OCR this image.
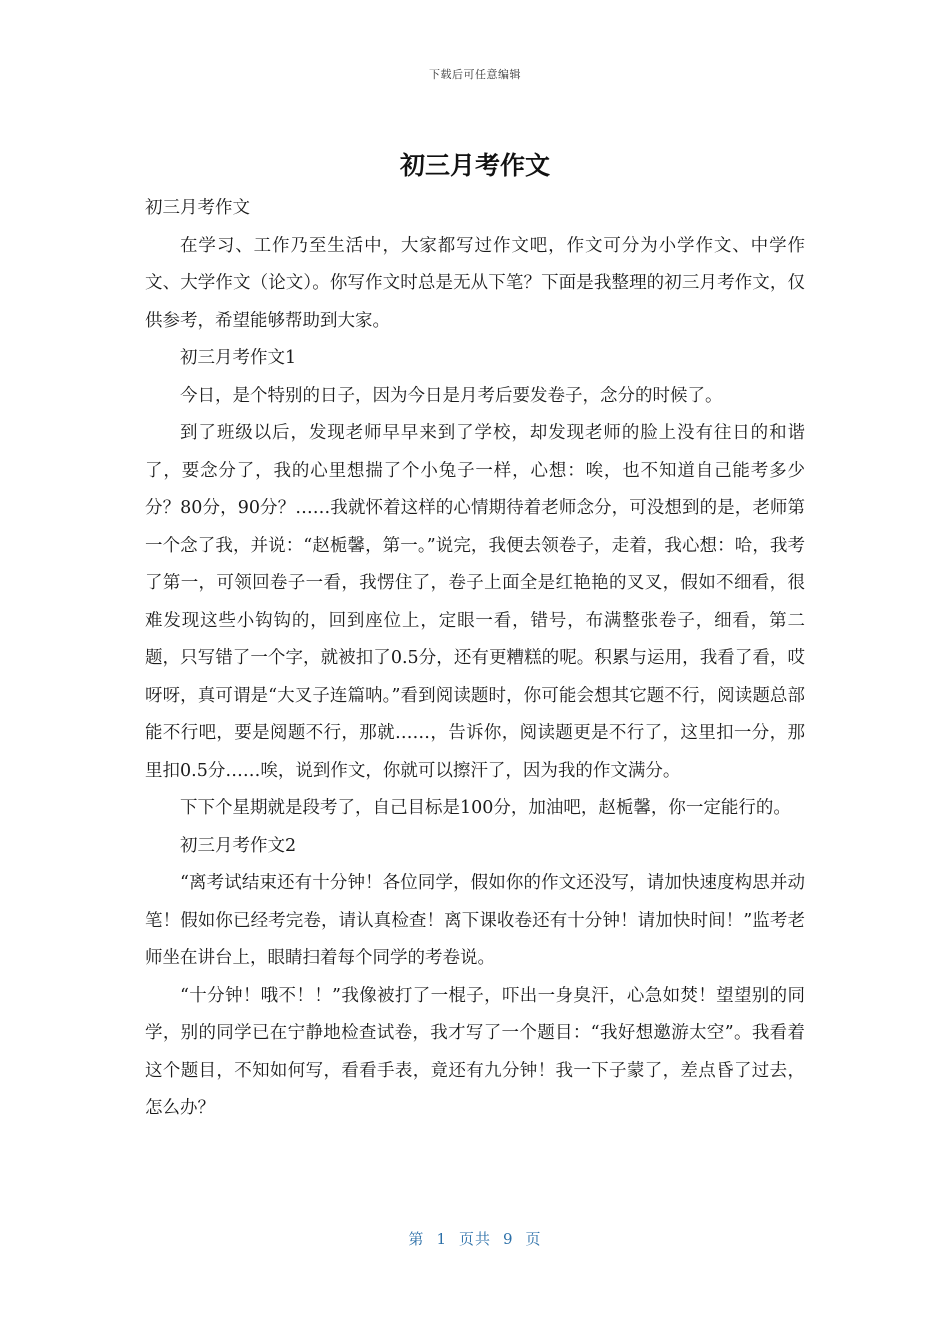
下载后可任意编辑
初三月考作文

初三月考作文

在学习、工作乃至生活中，大家都写过作文吧，作文可分为小学作文、中学作文、大学作文（论文）。你写作文时总是无从下笔？下面是我整理的初三月考作文，仅供参考，希望能够帮助到大家。

初三月考作文1

今日，是个特别的日子，因为今日是月考后要发卷子，念分的时候了。

到了班级以后，发现老师早早来到了学校，却发现老师的脸上没有往日的和谐了，要念分了，我的心里想揣了个小兔子一样，心想：唉，也不知道自己能考多少分？80分，90分？……我就怀着这样的心情期待着老师念分，可没想到的是，老师第一个念了我，并说：“赵栀馨，第一。”说完，我便去领卷子，走着，我心想：哈，我考了第一，可领回卷子一看，我愣住了，卷子上面全是红艳艳的叉叉，假如不细看，很难发现这些小钩钩的，回到座位上，定眼一看，错号，布满整张卷子，细看，第二题，只写错了一个字，就被扣了0.5分，还有更糟糕的呢。积累与运用，我看了看，哎呀呀，真可谓是“大叉子连篇呐。”看到阅读题时，你可能会想其它题不行，阅读题总部能不行吧，要是阅题不行，那就……，告诉你，阅读题更是不行了，这里扣一分，那里扣0.5分……唉，说到作文，你就可以擦汗了，因为我的作文满分。

下下个星期就是段考了，自己目标是100分，加油吧，赵栀馨，你一定能行的。

初三月考作文2

“离考试结束还有十分钟！各位同学，假如你的作文还没写，请加快速度构思并动笔！假如你已经考完卷，请认真检查！离下课收卷还有十分钟！请加快时间！”监考老师坐在讲台上，眼睛扫着每个同学的考卷说。

“十分钟！哦不！！”我像被打了一棍子，吓出一身臭汗，心急如焚！望望别的同学，别的同学已在宁静地检查试卷，我才写了一个题目：“我好想邀游太空”。我看着这个题目，不知如何写，看看手表，竟还有九分钟！我一下子蒙了，差点昏了过去，怎么办？

第 1 页共 9 页
